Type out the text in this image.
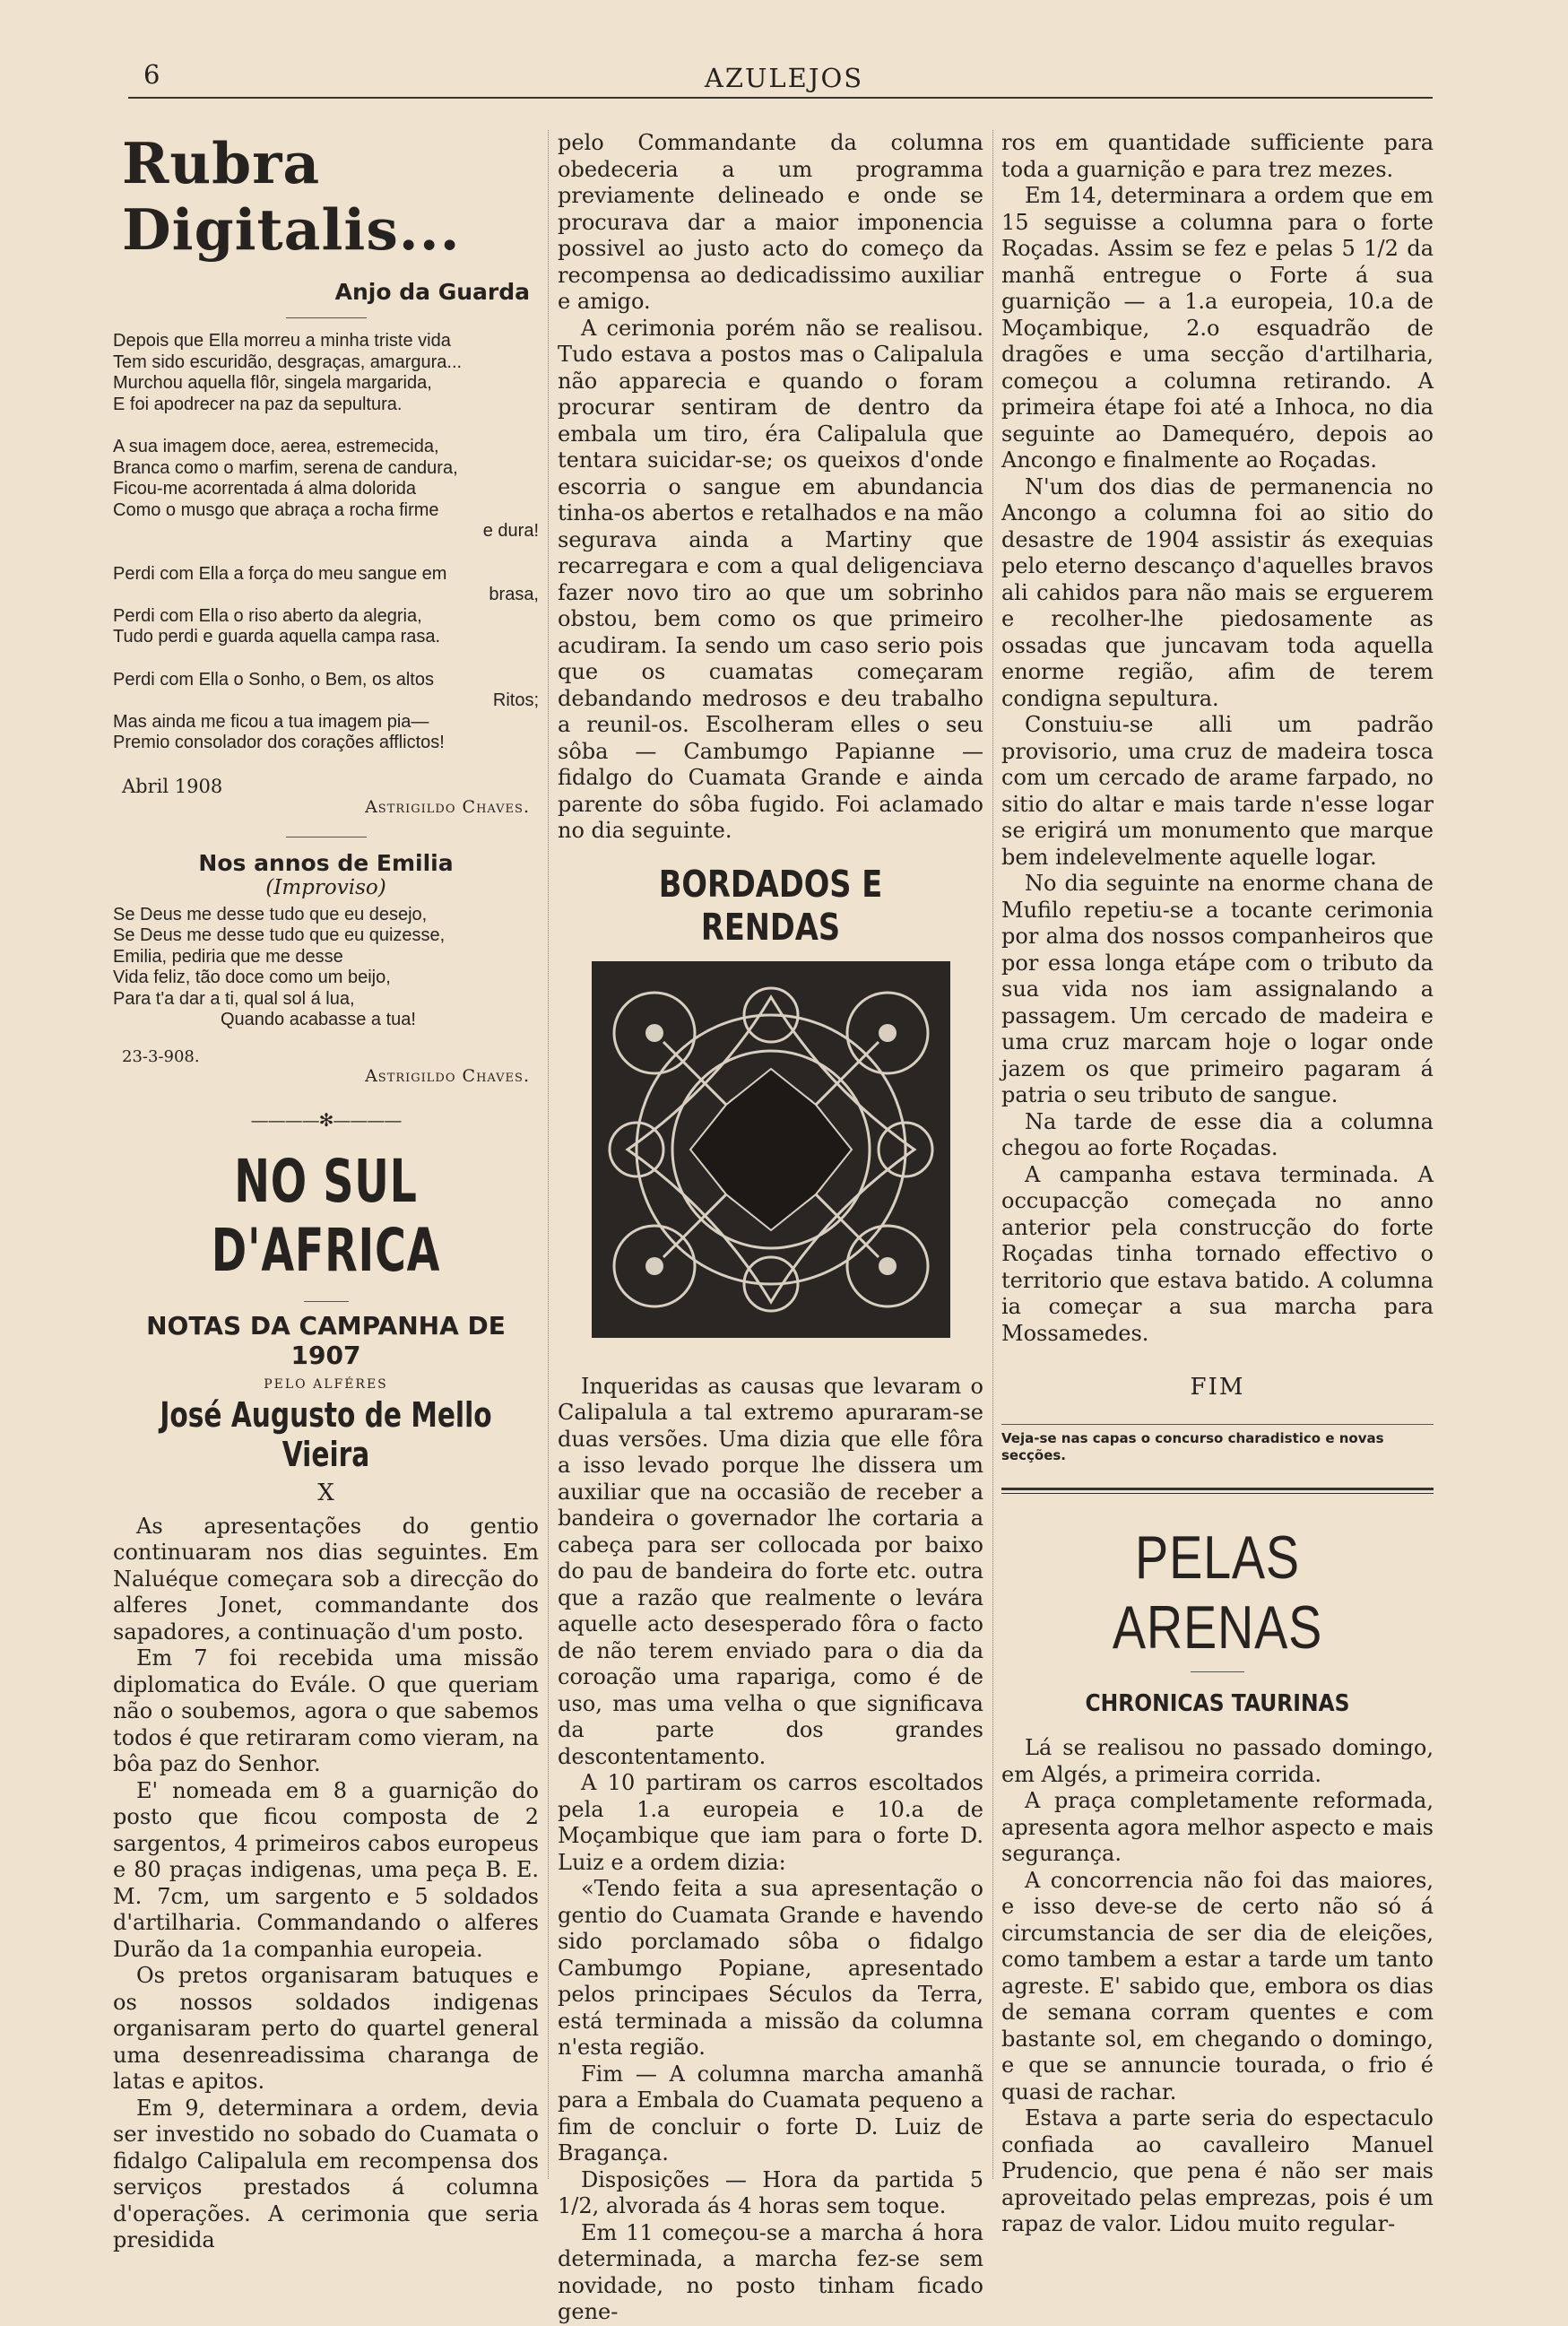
6	AZULEJOS
Rubra Digitalis...
Anjo da Guarda
Depois que Ella morreu a minha triste vida
Tem sido escuridão, desgraças, amargura...
Murchou aquella flôr, singela margarida,
E foi apodrecer na paz da sepultura.
A sua imagem doce, aerea, estremecida,
Branca como o marfim, serena de candura,
Ficou-me acorrentada á alma dolorida
Como o musgo que abraça a rocha firme
e dura!
Perdi com Ella a força do meu sangue em
brasa,
Perdi com Ella o riso aberto da alegria,
Tudo perdi e guarda aquella campa rasa.
Perdi com Ella o Sonho, o Bem, os altos
Ritos;
Mas ainda me ficou a tua imagem pia—
Premio consolador dos corações afflictos!
Abril 1908
Astrigildo Chaves.
Nos annos de Emilia
(Improviso)
Se Deus me desse tudo que eu desejo,
Se Deus me desse tudo que eu quizesse,
Emilia, pediria que me desse
Vida feliz, tão doce como um beijo,
Para t'a dar a ti, qual sol á lua,
Quando acabasse a tua!
23-3-908.
Astrigildo Chaves.
————✻————
NO SUL D'AFRICA
NOTAS DA CAMPANHA DE 1907
PELO ALFÉRES
José Augusto de Mello Vieira
X

As apresentações do gentio continuaram nos dias seguintes. Em Naluéque começara sob a direcção do alferes Jonet, commandante dos sapadores, a continuação d'um posto.

Em 7 foi recebida uma missão diplomatica do Evále. O que queriam não o soubemos, agora o que sabemos todos é que retiraram como vieram, na bôa paz do Senhor.

E' nomeada em 8 a guarnição do posto que ficou composta de 2 sargentos, 4 primeiros cabos europeus e 80 praças indigenas, uma peça B. E. M. 7cm, um sargento e 5 soldados d'artilharia. Commandando o alferes Durão da 1a companhia europeia.

Os pretos organisaram batuques e os nossos soldados indigenas organisaram perto do quartel general uma desenreadissima charanga de latas e apitos.

Em 9, determinara a ordem, devia ser investido no sobado do Cuamata o fidalgo Calipalula em recompensa dos serviços prestados á columna d'operações. A cerimonia que seria presidida

pelo Commandante da columna obedeceria a um programma previamente delineado e onde se procurava dar a maior imponencia possivel ao justo acto do começo da recompensa ao dedicadissimo auxiliar e amigo.

A cerimonia porém não se realisou. Tudo estava a postos mas o Calipalula não apparecia e quando o foram procurar sentiram de dentro da embala um tiro, éra Calipalula que tentara suicidar-se; os queixos d'onde escorria o sangue em abundancia tinha-os abertos e retalhados e na mão segurava ainda a Martiny que recarregara e com a qual deligenciava fazer novo tiro ao que um sobrinho obstou, bem como os que primeiro acudiram. Ia sendo um caso serio pois que os cuamatas começaram debandando medrosos e deu trabalho a reunil-os. Escolheram elles o seu sôba — Cambumgo Papianne — fidalgo do Cuamata Grande e ainda parente do sôba fugido. Foi aclamado no dia seguinte.

BORDADOS E RENDAS

Inqueridas as causas que levaram o Calipalula a tal extremo apuraram-se duas versões. Uma dizia que elle fôra a isso levado porque lhe dissera um auxiliar que na occasião de receber a bandeira o governador lhe cortaria a cabeça para ser collocada por baixo do pau de bandeira do forte etc. outra que a razão que realmente o levára aquelle acto desesperado fôra o facto de não terem enviado para o dia da coroação uma rapariga, como é de uso, mas uma velha o que significava da parte dos grandes descontentamento.

A 10 partiram os carros escoltados pela 1.a europeia e 10.a de Moçambique que iam para o forte D. Luiz e a ordem dizia:

«Tendo feita a sua apresentação o gentio do Cuamata Grande e havendo sido porclamado sôba o fidalgo Cambumgo Popiane, apresentado pelos principaes Séculos da Terra, está terminada a missão da columna n'esta região.

Fim — A columna marcha amanhã para a Embala do Cuamata pequeno a fim de concluir o forte D. Luiz de Bragança.

Disposições — Hora da partida 5 1/2, alvorada ás 4 horas sem toque.

Em 11 começou-se a marcha á hora determinada, a marcha fez-se sem novidade, no posto tinham ficado gene-

ros em quantidade sufficiente para toda a guarnição e para trez mezes.

Em 14, determinara a ordem que em 15 seguisse a columna para o forte Roçadas. Assim se fez e pelas 5 1/2 da manhã entregue o Forte á sua guarnição — a 1.a europeia, 10.a de Moçambique, 2.o esquadrão de dragões e uma secção d'artilharia, começou a columna retirando. A primeira étape foi até a Inhoca, no dia seguinte ao Damequéro, depois ao Ancongo e finalmente ao Roçadas.

N'um dos dias de permanencia no Ancongo a columna foi ao sitio do desastre de 1904 assistir ás exequias pelo eterno descanço d'aquelles bravos ali cahidos para não mais se erguerem e recolher-lhe piedosamente as ossadas que juncavam toda aquella enorme região, afim de terem condigna sepultura.

Constuiu-se alli um padrão provisorio, uma cruz de madeira tosca com um cercado de arame farpado, no sitio do altar e mais tarde n'esse logar se erigirá um monumento que marque bem indelevelmente aquelle logar.

No dia seguinte na enorme chana de Mufilo repetiu-se a tocante cerimonia por alma dos nossos companheiros que por essa longa etápe com o tributo da sua vida nos iam assignalando a passagem. Um cercado de madeira e uma cruz marcam hoje o logar onde jazem os que primeiro pagaram á patria o seu tributo de sangue.

Na tarde de esse dia a columna chegou ao forte Roçadas.

A campanha estava terminada. A occupacção começada no anno anterior pela construcção do forte Roçadas tinha tornado effectivo o territorio que estava batido. A columna ia começar a sua marcha para Mossamedes.

FIM
Veja-se nas capas o concurso charadistico e novas secções.
PELAS ARENAS
CHRONICAS TAURINAS

Lá se realisou no passado domingo, em Algés, a primeira corrida.

A praça completamente reformada, apresenta agora melhor aspecto e mais segurança.

A concorrencia não foi das maiores, e isso deve-se de certo não só á circumstancia de ser dia de eleições, como tambem a estar a tarde um tanto agreste. E' sabido que, embora os dias de semana corram quentes e com bastante sol, em chegando o domingo, e que se annuncie tourada, o frio é quasi de rachar.

Estava a parte seria do espectaculo confiada ao cavalleiro Manuel Prudencio, que pena é não ser mais aproveitado pelas emprezas, pois é um rapaz de valor. Lidou muito regular-
